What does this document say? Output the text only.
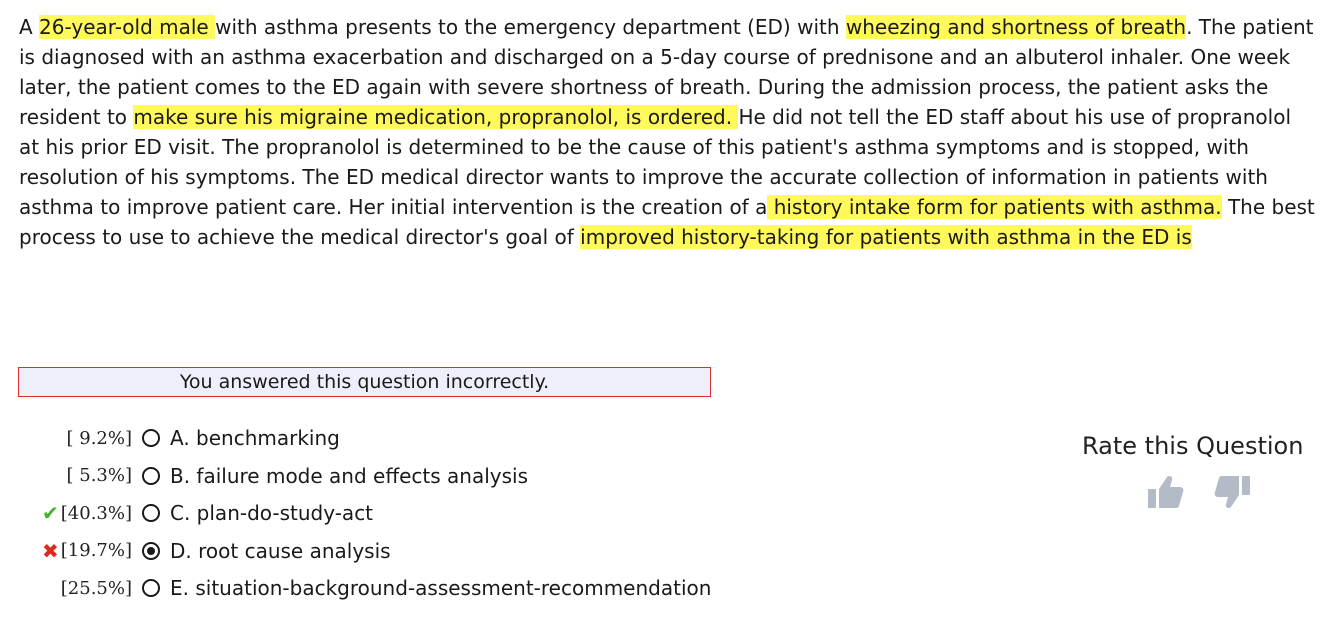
A 26-year-old male with asthma presents to the emergency department (ED) with wheezing and shortness of breath. The patient is diagnosed with an asthma exacerbation and discharged on a 5-day course of prednisone and an albuterol inhaler. One week later, the patient comes to the ED again with severe shortness of breath. During the admission process, the patient asks the resident to make sure his migraine medication, propranolol, is ordered. He did not tell the ED staff about his use of propranolol at his prior ED visit. The propranolol is determined to be the cause of this patient's asthma symptoms and is stopped, with resolution of his symptoms. The ED medical director wants to improve the accurate collection of information in patients with asthma to improve patient care. Her initial intervention is the creation of a history intake form for patients with asthma. The best process to use to achieve the medical director's goal of improved history-taking for patients with asthma in the ED is

You answered this question incorrectly.
[ 9.2%] A. benchmarking
[ 5.3%] B. failure mode and effects analysis
✔ [40.3%] C. plan-do-study-act
✖ [19.7%] D. root cause analysis
[25.5%] E. situation-background-assessment-recommendation
Rate this Question
